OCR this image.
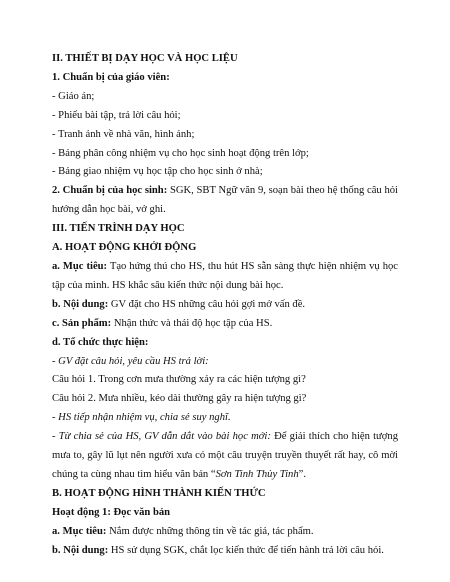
II. THIẾT BỊ DẠY HỌC VÀ HỌC LIỆU
1. Chuẩn bị của giáo viên:
- Giáo án;
- Phiếu bài tập, trả lời câu hỏi;
- Tranh ảnh về nhà văn, hình ảnh;
- Bảng phân công nhiệm vụ cho học sinh hoạt động trên lớp;
- Bảng giao nhiệm vụ học tập cho học sinh ở nhà;

2. Chuẩn bị của học sinh: SGK, SBT Ngữ văn 9, soạn bài theo hệ thống câu hỏi hướng dẫn học bài, vở ghi.

III. TIẾN TRÌNH DẠY HỌC
A. HOẠT ĐỘNG KHỞI ĐỘNG

a. Mục tiêu: Tạo hứng thú cho HS, thu hút HS sẵn sàng thực hiện nhiệm vụ học tập của mình. HS khắc sâu kiến thức nội dung bài học.

b. Nội dung: GV đặt cho HS những câu hỏi gợi mở vấn đề.
c. Sản phẩm: Nhận thức và thái độ học tập của HS.
d. Tổ chức thực hiện:
- GV đặt câu hỏi, yêu cầu HS trả lời:
Câu hỏi 1. Trong cơn mưa thường xảy ra các hiện tượng gì?
Câu hỏi 2. Mưa nhiều, kéo dài thường gây ra hiện tượng gì?
- HS tiếp nhận nhiệm vụ, chia sẻ suy nghĩ.

- Từ chia sẻ của HS, GV dẫn dắt vào bài học mới: Để giải thích cho hiện tượng mưa to, gây lũ lụt nên người xưa có một câu truyện truyền thuyết rất hay, cô mời chúng ta cùng nhau tìm hiểu văn bản “Sơn Tinh Thủy Tinh”.

B. HOẠT ĐỘNG HÌNH THÀNH KIẾN THỨC
Hoạt động 1: Đọc văn bản
a. Mục tiêu: Nắm được những thông tin về tác giả, tác phẩm.
b. Nội dung: HS sử dụng SGK, chắt lọc kiến thức để tiến hành trả lời câu hỏi.
